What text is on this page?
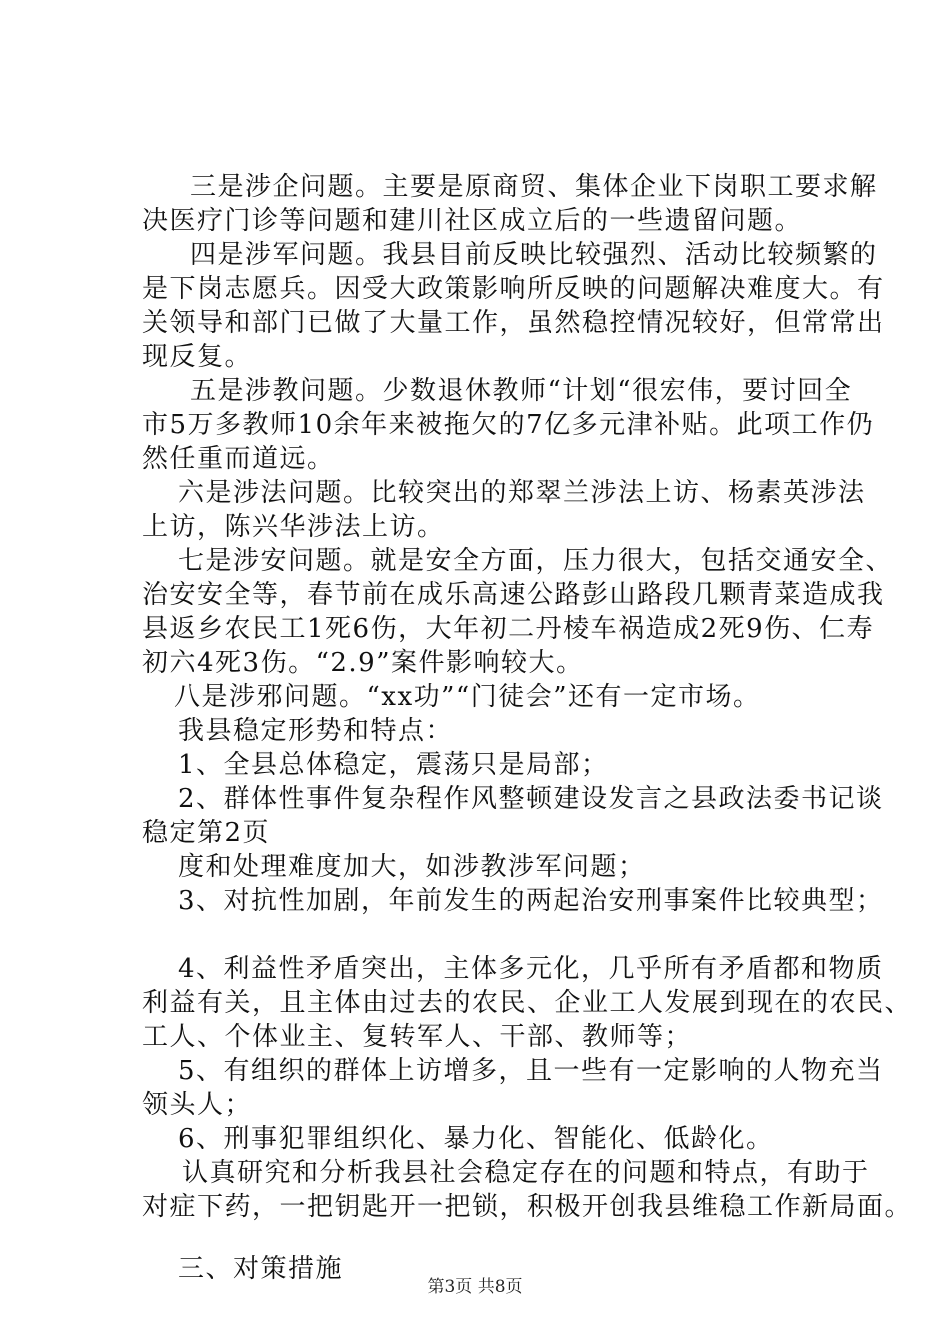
三是涉企问题。主要是原商贸、集体企业下岗职工要求解
决医疗门诊等问题和建川社区成立后的一些遗留问题。
四是涉军问题。我县目前反映比较强烈、活动比较频繁的
是下岗志愿兵。因受大政策影响所反映的问题解决难度大。有
关领导和部门已做了大量工作，虽然稳控情况较好，但常常出
现反复。
五是涉教问题。少数退休教师“计划“很宏伟，要讨回全
市5万多教师10余年来被拖欠的7亿多元津补贴。此项工作仍
然任重而道远。
六是涉法问题。比较突出的郑翠兰涉法上访、杨素英涉法
上访，陈兴华涉法上访。
七是涉安问题。就是安全方面，压力很大，包括交通安全、
治安安全等，春节前在成乐高速公路彭山路段几颗青菜造成我
县返乡农民工1死6伤，大年初二丹棱车祸造成2死9伤、仁寿
初六4死3伤。“2.9”案件影响较大。
八是涉邪问题。“xx功”“门徒会”还有一定市场。
我县稳定形势和特点：
1、全县总体稳定，震荡只是局部；
2、群体性事件复杂程作风整顿建设发言之县政法委书记谈
稳定第2页
度和处理难度加大，如涉教涉军问题；
3、对抗性加剧，年前发生的两起治安刑事案件比较典型；
4、利益性矛盾突出，主体多元化，几乎所有矛盾都和物质
利益有关，且主体由过去的农民、企业工人发展到现在的农民、
工人、个体业主、复转军人、干部、教师等；
5、有组织的群体上访增多，且一些有一定影响的人物充当
领头人；
6、刑事犯罪组织化、暴力化、智能化、低龄化。
认真研究和分析我县社会稳定存在的问题和特点，有助于
对症下药，一把钥匙开一把锁，积极开创我县维稳工作新局面。
三、对策措施
第3页 共8页
